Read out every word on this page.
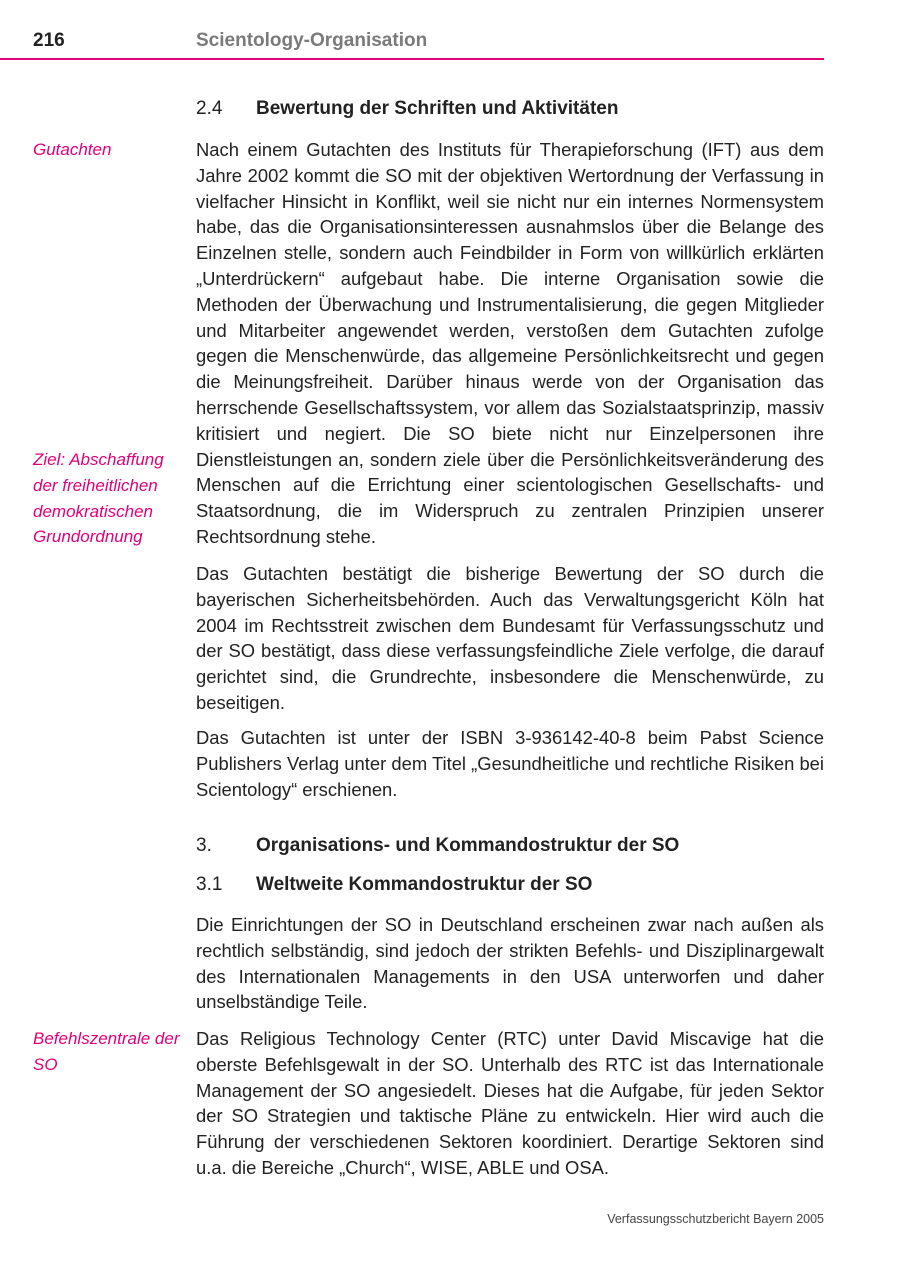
216	Scientology-Organisation
2.4 Bewertung der Schriften und Aktivitäten

Gutachten	Nach einem Gutachten des Instituts für Therapieforschung (IFT) aus dem Jahre 2002 kommt die SO mit der objektiven Wertordnung der Verfassung in vielfacher Hinsicht in Konflikt, weil sie nicht nur ein internes Normensystem habe, das die Organisationsinteressen ausnahmslos über die Belange des Einzelnen stelle, sondern auch Feindbilder in Form von willkürlich erklärten „Unterdrückern“ aufgebaut habe. Die interne Organisation sowie die Methoden der Überwachung und Instrumentalisierung, die gegen Mitglieder und Mitarbeiter angewendet werden, verstoßen dem Gutachten zufolge gegen die Menschenwürde, das allgemeine Persönlichkeitsrecht und gegen die Meinungsfreiheit. Darüber hinaus werde von der Organisation das herrschende Gesellschaftssystem, vor allem das Sozialstaatsprinzip, massiv kritisiert und negiert. Die SO biete nicht nur Einzelpersonen ihre Dienstleistungen an, sondern ziele über die Persönlichkeitsveränderung des Menschen auf die Errichtung einer scientologischen Gesellschafts- und Staatsordnung, die im Widerspruch zu zentralen Prinzipien unserer Rechtsordnung stehe.

Ziel: Abschaffung der freiheitlichen demokratischen Grundordnung

Das Gutachten bestätigt die bisherige Bewertung der SO durch die bayerischen Sicherheitsbehörden. Auch das Verwaltungsgericht Köln hat 2004 im Rechtsstreit zwischen dem Bundesamt für Verfassungsschutz und der SO bestätigt, dass diese verfassungsfeindliche Ziele verfolge, die darauf gerichtet sind, die Grundrechte, insbesondere die Menschenwürde, zu beseitigen.

Das Gutachten ist unter der ISBN 3-936142-40-8 beim Pabst Science Publishers Verlag unter dem Titel „Gesundheitliche und rechtliche Risiken bei Scientology“ erschienen.

3. Organisations- und Kommandostruktur der SO
3.1 Weltweite Kommandostruktur der SO

Die Einrichtungen der SO in Deutschland erscheinen zwar nach außen als rechtlich selbständig, sind jedoch der strikten Befehls- und Disziplinargewalt des Internationalen Managements in den USA unterworfen und daher unselbständige Teile.

Befehlszentrale der SO

Das Religious Technology Center (RTC) unter David Miscavige hat die oberste Befehlsgewalt in der SO. Unterhalb des RTC ist das Internationale Management der SO angesiedelt. Dieses hat die Aufgabe, für jeden Sektor der SO Strategien und taktische Pläne zu entwickeln. Hier wird auch die Führung der verschiedenen Sektoren koordiniert. Derartige Sektoren sind u.a. die Bereiche „Church“, WISE, ABLE und OSA.

Verfassungsschutzbericht Bayern 2005
